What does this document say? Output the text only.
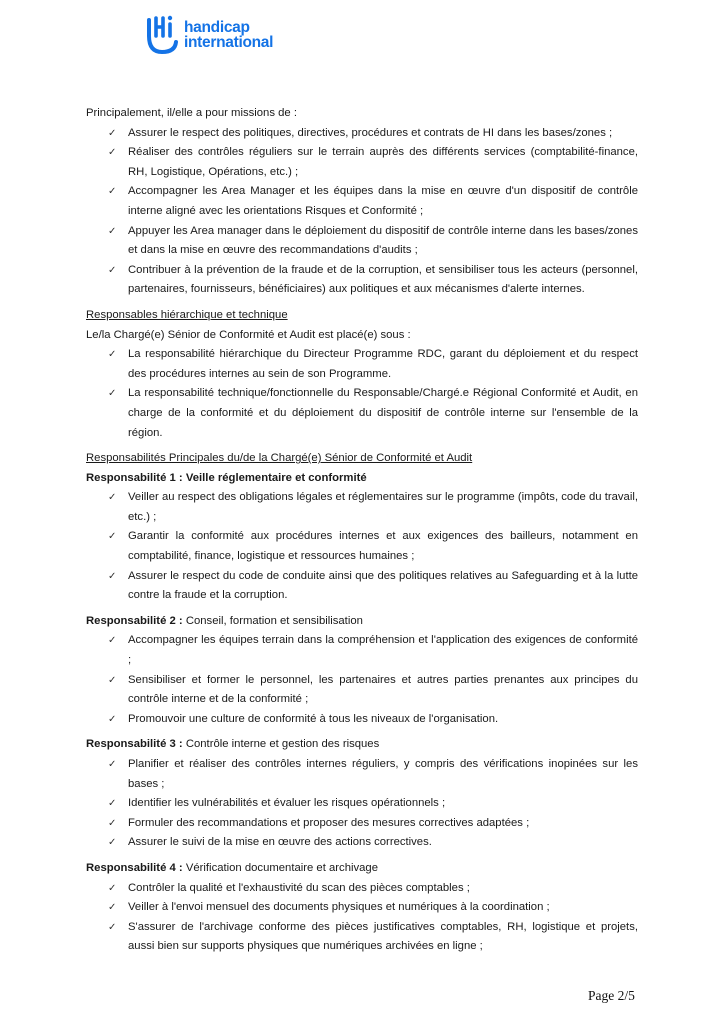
handicap
international

Principalement, il/elle a pour missions de :

✓ Assurer le respect des politiques, directives, procédures et contrats de HI dans les bases/zones ;
✓ Réaliser des contrôles réguliers sur le terrain auprès des différents services (comptabilité-finance, RH, Logistique, Opérations, etc.) ;
✓ Accompagner les Area Manager et les équipes dans la mise en œuvre d'un dispositif de contrôle interne aligné avec les orientations Risques et Conformité ;
✓ Appuyer les Area manager dans le déploiement du dispositif de contrôle interne dans les bases/zones et dans la mise en œuvre des recommandations d'audits ;
✓ Contribuer à la prévention de la fraude et de la corruption, et sensibiliser tous les acteurs (personnel, partenaires, fournisseurs, bénéficiaires) aux politiques et aux mécanismes d'alerte internes.

Responsables hiérarchique et technique

Le/la Chargé(e) Sénior de Conformité et Audit est placé(e) sous :

✓ La responsabilité hiérarchique du Directeur Programme RDC, garant du déploiement et du respect des procédures internes au sein de son Programme.
✓ La responsabilité technique/fonctionnelle du Responsable/Chargé.e Régional Conformité et Audit, en charge de la conformité et du déploiement du dispositif de contrôle interne sur l'ensemble de la région.

Responsabilités Principales du/de la Chargé(e) Sénior de Conformité et Audit

Responsabilité 1 : Veille réglementaire et conformité

✓ Veiller au respect des obligations légales et réglementaires sur le programme (impôts, code du travail, etc.) ;
✓ Garantir la conformité aux procédures internes et aux exigences des bailleurs, notamment en comptabilité, finance, logistique et ressources humaines ;
✓ Assurer le respect du code de conduite ainsi que des politiques relatives au Safeguarding et à la lutte contre la fraude et la corruption.

Responsabilité 2 : Conseil, formation et sensibilisation

✓ Accompagner les équipes terrain dans la compréhension et l'application des exigences de conformité ;
✓ Sensibiliser et former le personnel, les partenaires et autres parties prenantes aux principes du contrôle interne et de la conformité ;
✓ Promouvoir une culture de conformité à tous les niveaux de l'organisation.

Responsabilité 3 : Contrôle interne et gestion des risques

✓ Planifier et réaliser des contrôles internes réguliers, y compris des vérifications inopinées sur les bases ;
✓ Identifier les vulnérabilités et évaluer les risques opérationnels ;
✓ Formuler des recommandations et proposer des mesures correctives adaptées ;
✓ Assurer le suivi de la mise en œuvre des actions correctives.

Responsabilité 4 : Vérification documentaire et archivage

✓ Contrôler la qualité et l'exhaustivité du scan des pièces comptables ;
✓ Veiller à l'envoi mensuel des documents physiques et numériques à la coordination ;
✓ S'assurer de l'archivage conforme des pièces justificatives comptables, RH, logistique et projets, aussi bien sur supports physiques que numériques archivées en ligne ;
Page 2/5
